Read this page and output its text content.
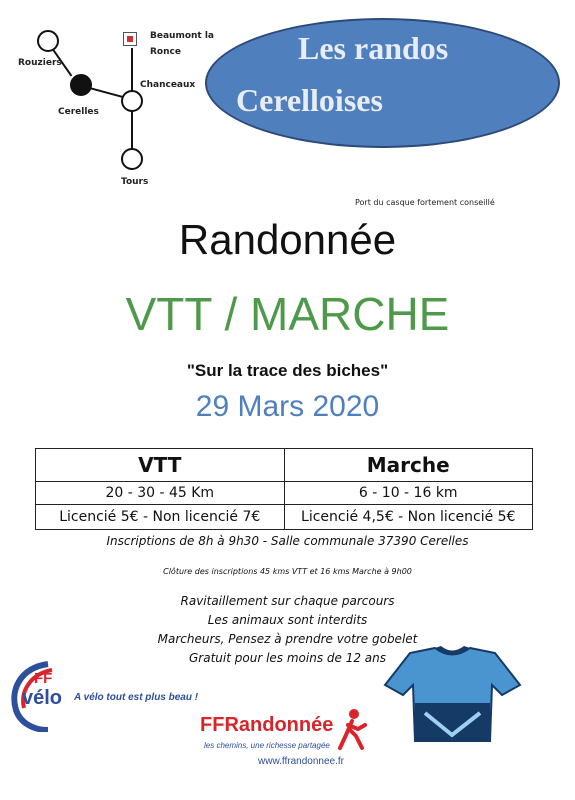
Rouziers
Cerelles
Beaumont la
Ronce
Chanceaux
Tours
Les randos
Cerelloises
Port du casque fortement conseillé
Randonnée
VTT / MARCHE
"Sur la trace des biches"
29 Mars 2020
VTT	Marche
20 - 30 - 45 Km	6 - 10 - 16 km
Licencié 5€ - Non licencié 7€	Licencié 4,5€ - Non licencié 5€
Inscriptions de 8h à 9h30 - Salle communale 37390 Cerelles
Clôture des inscriptions 45 kms VTT et 16 kms Marche à 9h00
Ravitaillement sur chaque parcours
Les animaux sont interdits
Marcheurs, Pensez à prendre votre gobelet
Gratuit pour les moins de 12 ans
FF
vélo A vélo tout est plus beau !
FFRandonnée
les chemins, une richesse partagée
www.ffrandonnee.fr
